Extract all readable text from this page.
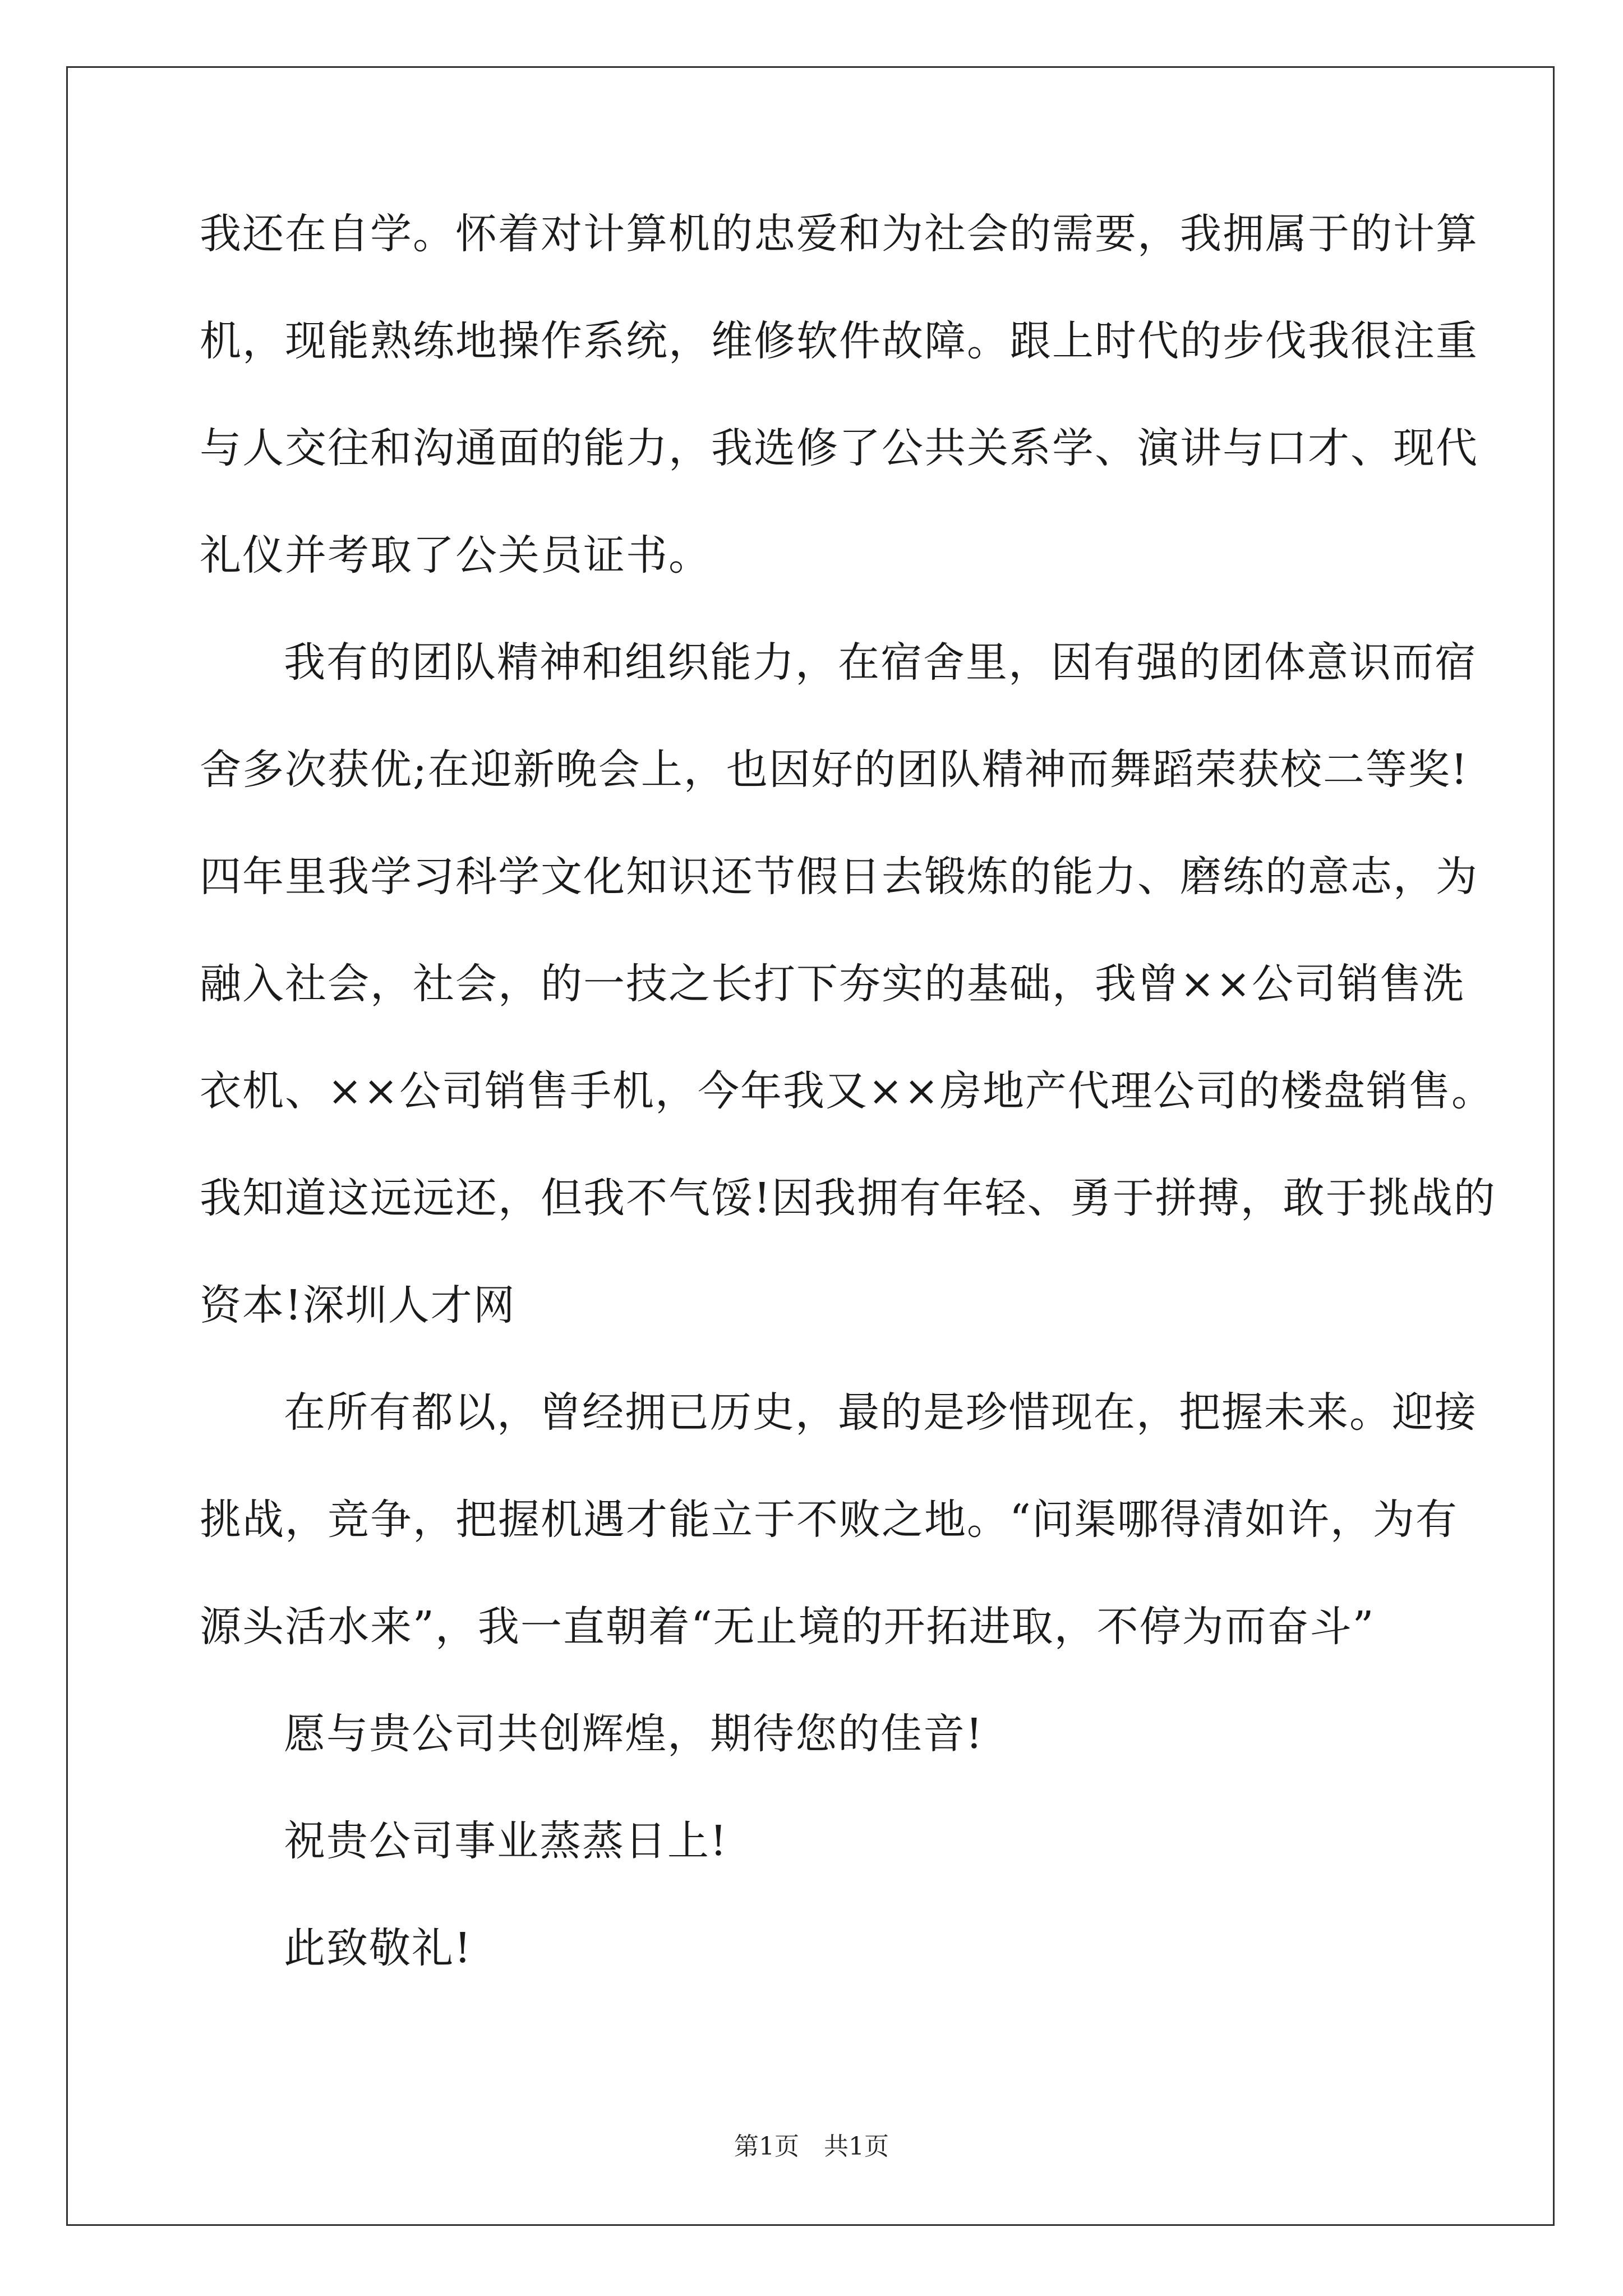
我还在自学。怀着对计算机的忠爱和为社会的需要，我拥属于的计算
机，现能熟练地操作系统，维修软件故障。跟上时代的步伐我很注重
与人交往和沟通面的能力，我选修了公共关系学、演讲与口才、现代
礼仪并考取了公关员证书。
我有的团队精神和组织能力，在宿舍里，因有强的团体意识而宿
舍多次获优;在迎新晚会上，也因好的团队精神而舞蹈荣获校二等奖!
四年里我学习科学文化知识还节假日去锻炼的能力、磨练的意志，为
融入社会，社会，的一技之长打下夯实的基础，我曾××公司销售洗
衣机、××公司销售手机，今年我又××房地产代理公司的楼盘销售。
我知道这远远还，但我不气馁!因我拥有年轻、勇于拼搏，敢于挑战的
资本!深圳人才网
在所有都以，曾经拥已历史，最的是珍惜现在，把握未来。迎接
挑战，竞争，把握机遇才能立于不败之地。“问渠哪得清如许，为有
源头活水来”，我一直朝着“无止境的开拓进取，不停为而奋斗”
愿与贵公司共创辉煌，期待您的佳音!
祝贵公司事业蒸蒸日上!
此致敬礼!
第1页　共1页
